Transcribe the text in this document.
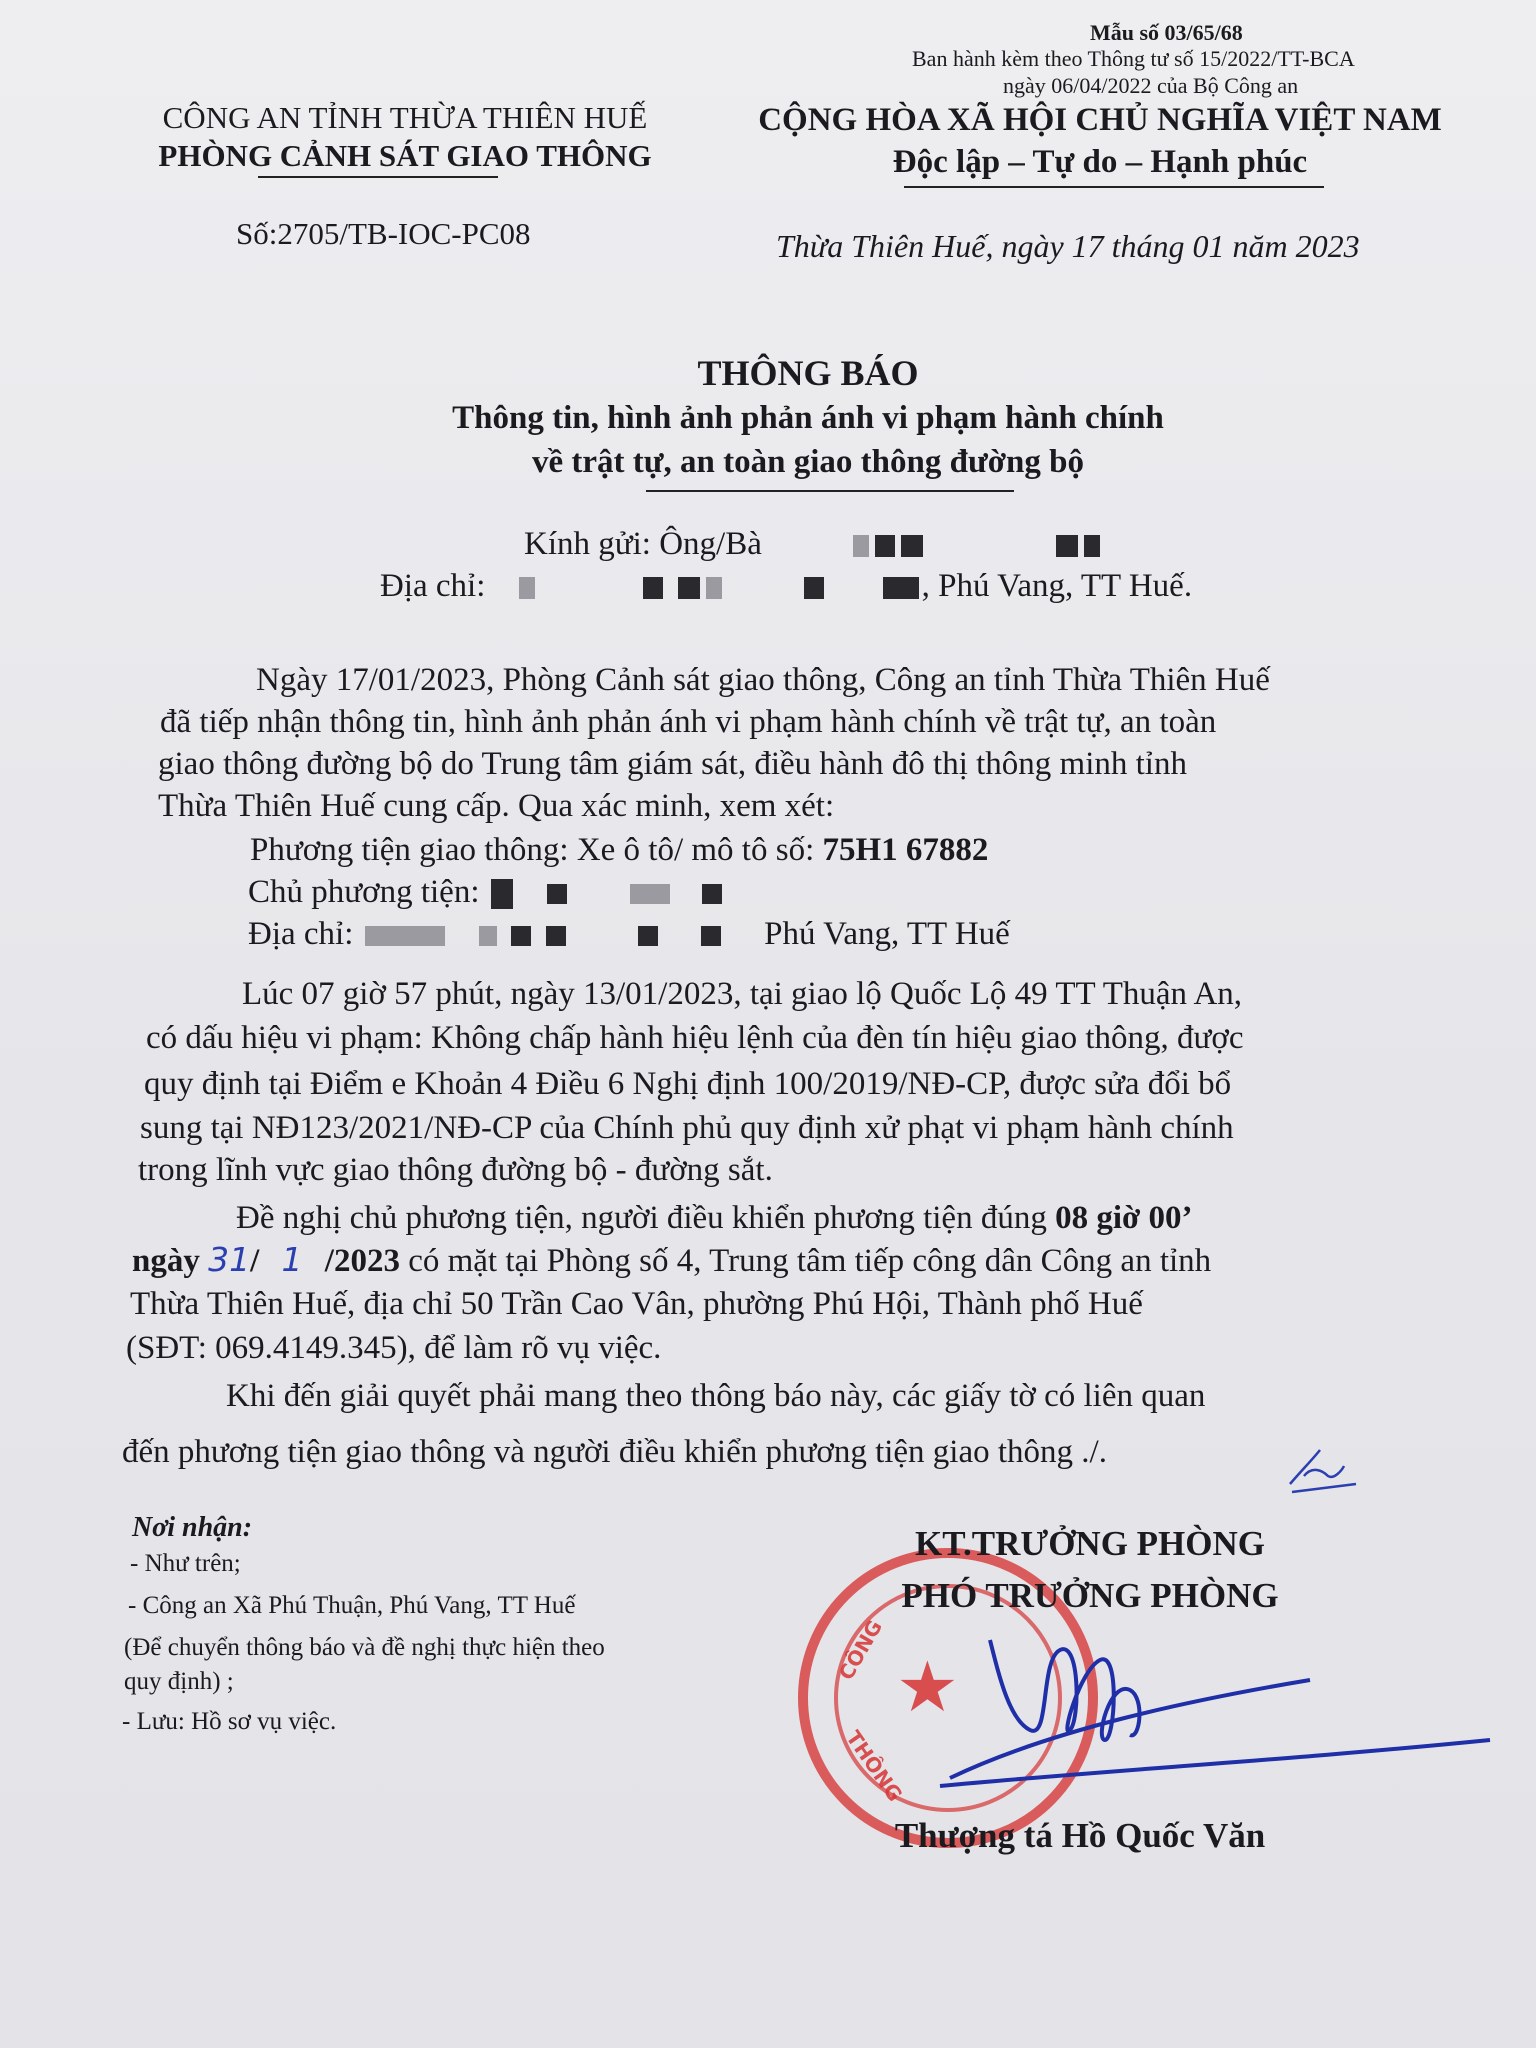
Mẫu số 03/65/68
Ban hành kèm theo Thông tư số 15/2022/TT-BCA
ngày 06/04/2022 của Bộ Công an
CÔNG AN TỈNH THỪA THIÊN HUẾ
PHÒNG CẢNH SÁT GIAO THÔNG
Số:2705/TB-IOC-PC08
CỘNG HÒA XÃ HỘI CHỦ NGHĨA VIỆT NAM
Độc lập – Tự do – Hạnh phúc
Thừa Thiên Huế, ngày 17 tháng 01 năm 2023
THÔNG BÁO
Thông tin, hình ảnh phản ánh vi phạm hành chính
về trật tự, an toàn giao thông đường bộ
Kính gửi: Ông/Bà
Địa chỉ:	, Phú Vang, TT Huế.
Ngày 17/01/2023, Phòng Cảnh sát giao thông, Công an tỉnh Thừa Thiên Huế
đã tiếp nhận thông tin, hình ảnh phản ánh vi phạm hành chính về trật tự, an toàn
giao thông đường bộ do Trung tâm giám sát, điều hành đô thị thông minh tỉnh
Thừa Thiên Huế cung cấp. Qua xác minh, xem xét:
Phương tiện giao thông: Xe ô tô/ mô tô số: 75H1 67882
Chủ phương tiện:
Địa chỉ:	Phú Vang, TT Huế
Lúc 07 giờ 57 phút, ngày 13/01/2023, tại giao lộ Quốc Lộ 49 TT Thuận An,
có dấu hiệu vi phạm: Không chấp hành hiệu lệnh của đèn tín hiệu giao thông, được
quy định tại Điểm e Khoản 4 Điều 6 Nghị định 100/2019/NĐ-CP, được sửa đổi bổ
sung tại NĐ123/2021/NĐ-CP của Chính phủ quy định xử phạt vi phạm hành chính
trong lĩnh vực giao thông đường bộ - đường sắt.
Đề nghị chủ phương tiện, người điều khiển phương tiện đúng 08 giờ 00’
ngày 31/ 1 /2023 có mặt tại Phòng số 4, Trung tâm tiếp công dân Công an tỉnh
Thừa Thiên Huế, địa chỉ 50 Trần Cao Vân, phường Phú Hội, Thành phố Huế
(SĐT: 069.4149.345), để làm rõ vụ việc.
Khi đến giải quyết phải mang theo thông báo này, các giấy tờ có liên quan
đến phương tiện giao thông và người điều khiển phương tiện giao thông ./.
Nơi nhận:
- Như trên;
- Công an Xã Phú Thuận, Phú Vang, TT Huế
(Để chuyển thông báo và đề nghị thực hiện theo
quy định) ;
- Lưu: Hồ sơ vụ việc.	★
CÔNG
THÔNG
KT.TRƯỞNG PHÒNG
PHÓ TRƯỞNG PHÒNG
Thượng tá Hồ Quốc Văn
